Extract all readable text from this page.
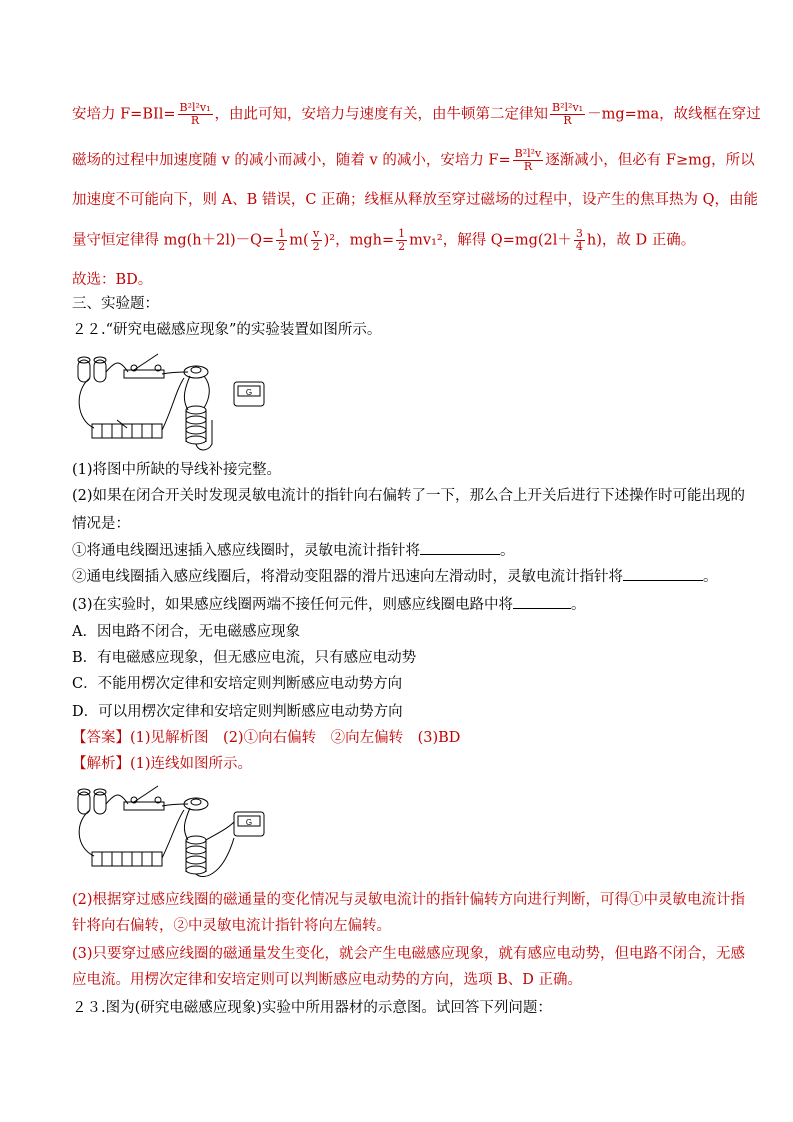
安培力 $F=BIl= \frac{\text{B²l²v₁}}{R}$ ，由此可知，安培力与速度有关，由牛顿第二定律知 $\frac{\text{B²l²v₁}}{R} -mg=ma$，故线框在穿过
磁场的过程中加速度随 v 的减小而减小，随着 v 的减小，安培力 $F= \frac{\text{B²l²v}}{R}$ 逐渐减小，但必有 F≥mg，所以
加速度不可能向下，则 A、B 错误，C 正确；线框从释放至穿过磁场的过程中，设产生的焦耳热为 Q，由能
量守恒定律得 $mg(h+2l)-Q= \frac{1}{2} m( \frac{v}{2} )^2$，$mgh= \frac{1}{2} mv_1^2$，解得 $Q=mg(2l+ \frac{3}{4} h)$，故 D 正确。
故选：BD。
三、实验题：
２２.“研究电磁感应现象”的实验装置如图所示。
G
(1)将图中所缺的导线补接完整。
(2)如果在闭合开关时发现灵敏电流计的指针向右偏转了一下，那么合上开关后进行下述操作时可能出现的
情况是：
①将通电线圈迅速插入感应线圈时，灵敏电流计指针将	。
②通电线圈插入感应线圈后，将滑动变阻器的滑片迅速向左滑动时，灵敏电流计指针将	。
(3)在实验时，如果感应线圈两端不接任何元件，则感应线圈电路中将	。
A．因电路不闭合，无电磁感应现象
B．有电磁感应现象，但无感应电流，只有感应电动势
C．不能用楞次定律和安培定则判断感应电动势方向
D．可以用楞次定律和安培定则判断感应电动势方向
【答案】(1)见解析图　(2)①向右偏转　②向左偏转　(3)BD
【解析】(1)连线如图所示。
G
(2)根据穿过感应线圈的磁通量的变化情况与灵敏电流计的指针偏转方向进行判断，可得①中灵敏电流计指
针将向右偏转，②中灵敏电流计指针将向左偏转。
(3)只要穿过感应线圈的磁通量发生变化，就会产生电磁感应现象，就有感应电动势，但电路不闭合，无感
应电流。用楞次定律和安培定则可以判断感应电动势的方向，选项 B、D 正确。
２３.图为(研究电磁感应现象)实验中所用器材的示意图。试回答下列问题：
